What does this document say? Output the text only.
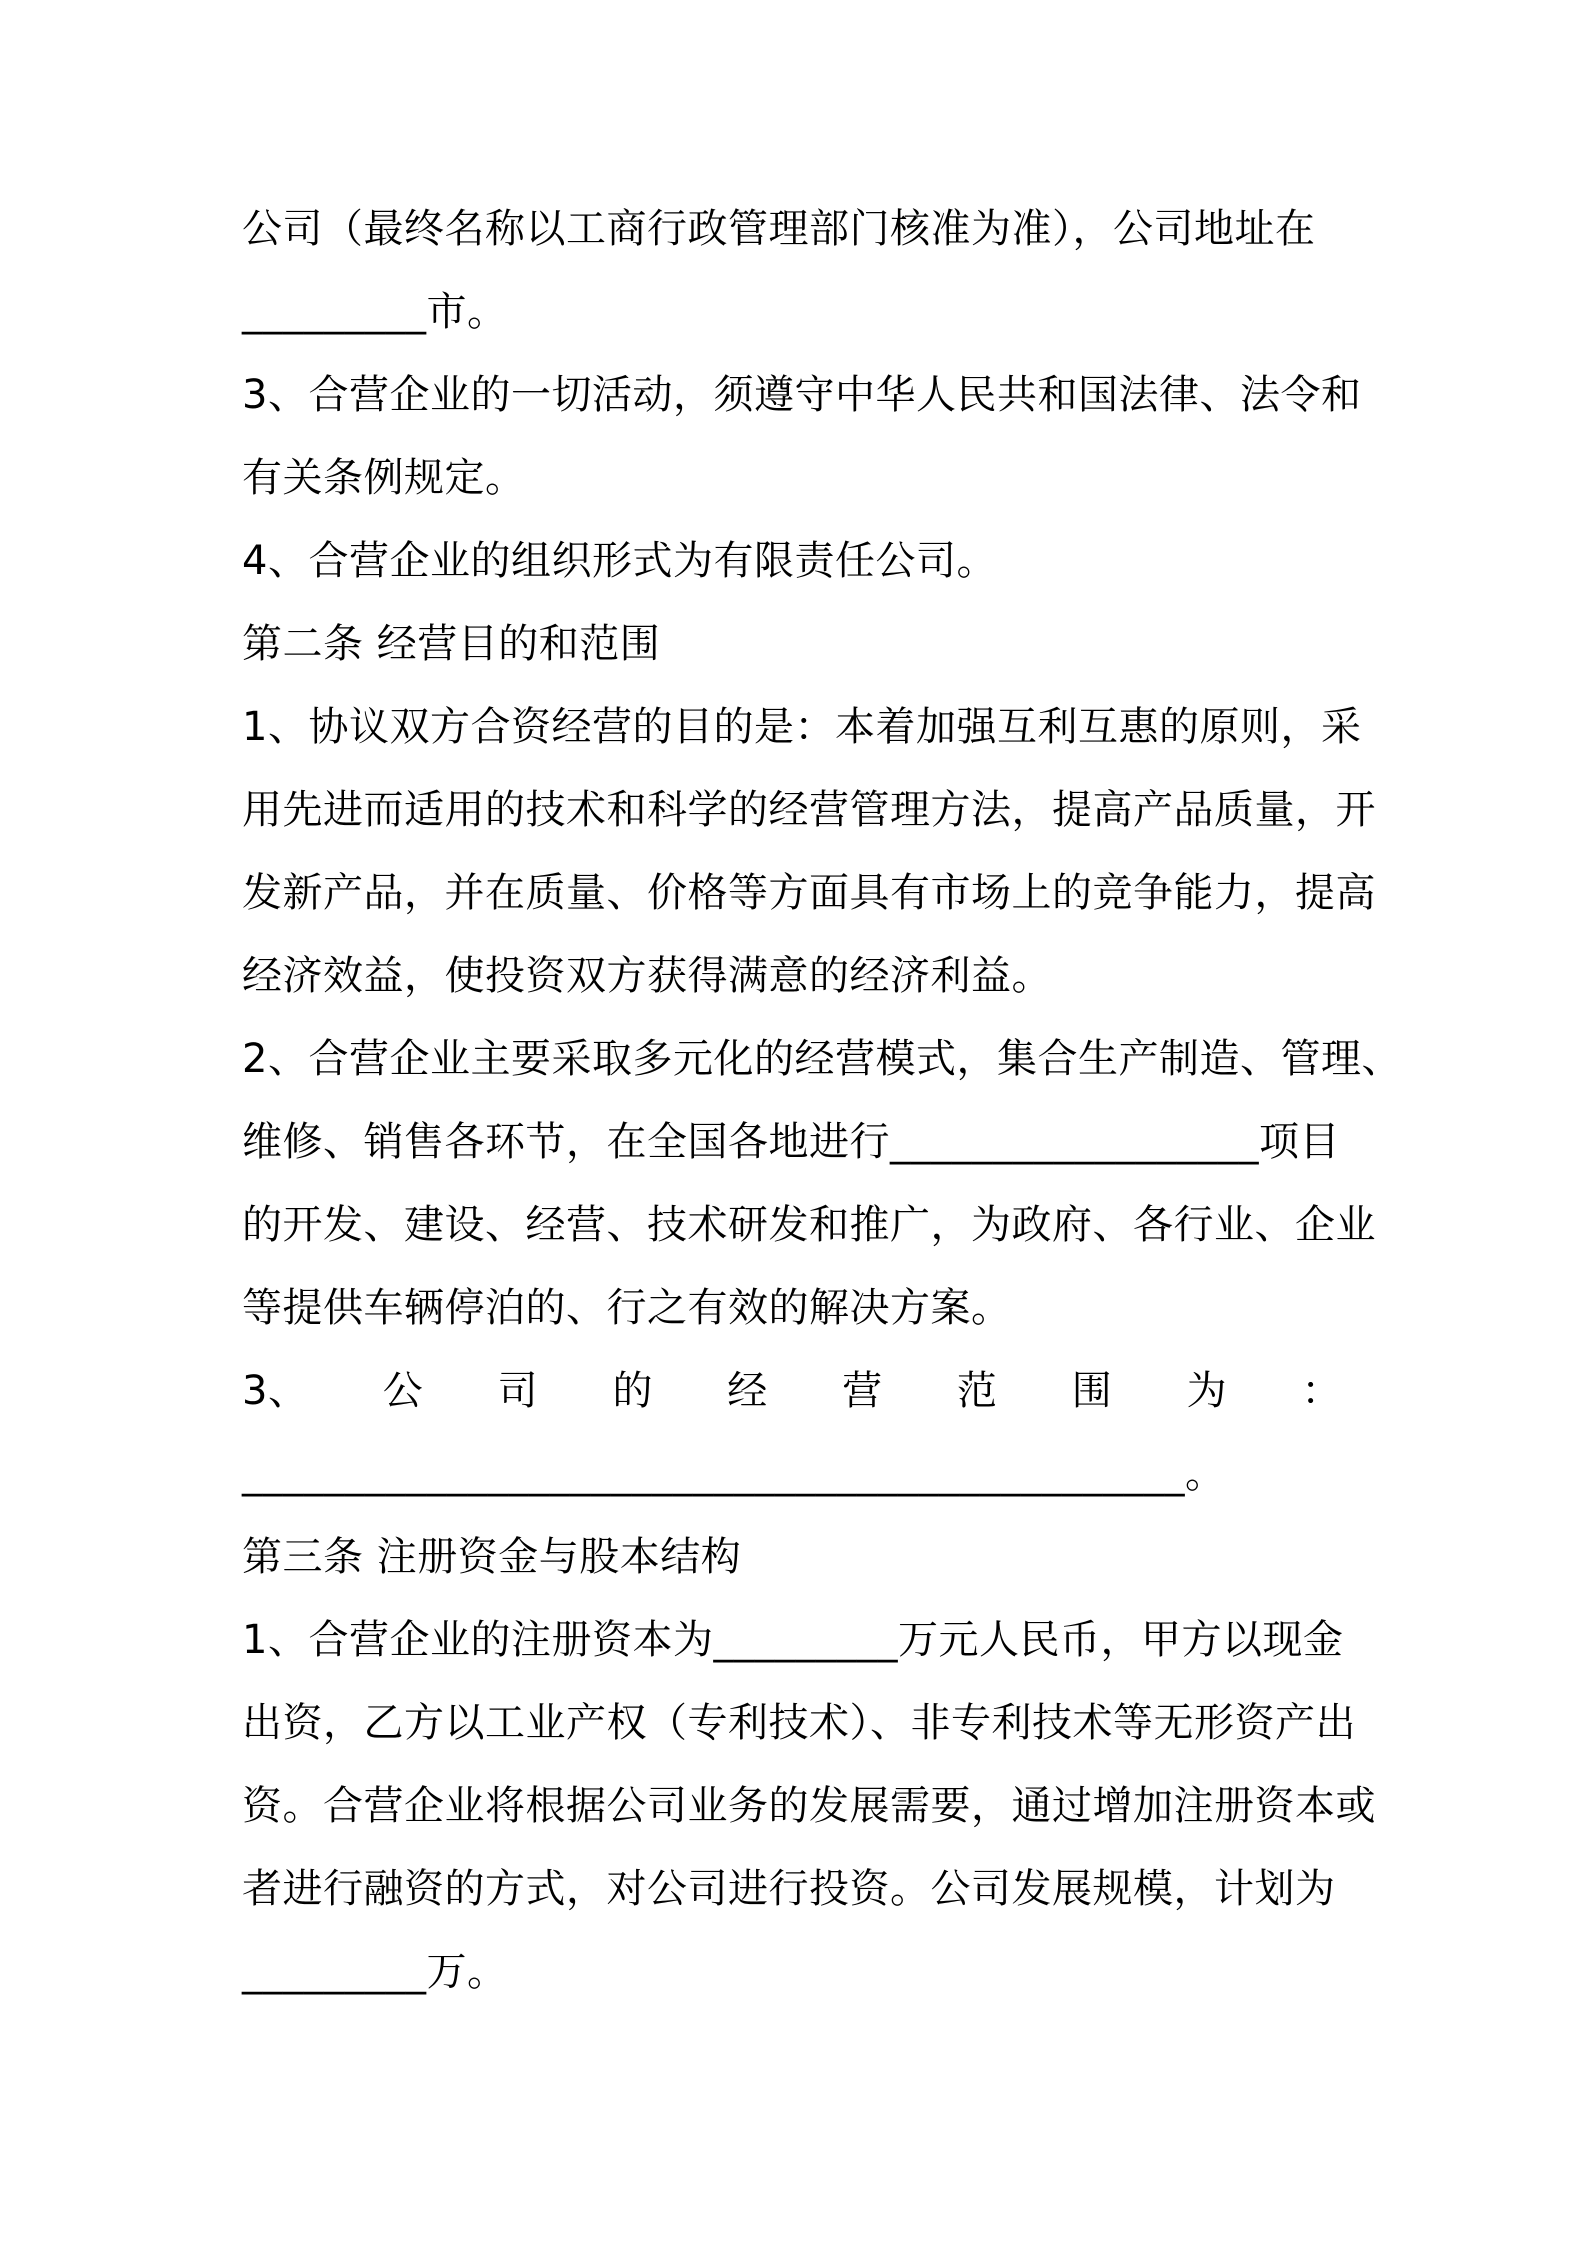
公司（最终名称以工商行政管理部门核准为准），公司地址在
_________市。
3、合营企业的一切活动，须遵守中华人民共和国法律、法令和
有关条例规定。
4、合营企业的组织形式为有限责任公司。
第二条 经营目的和范围
1、协议双方合资经营的目的是：本着加强互利互惠的原则，采
用先进而适用的技术和科学的经营管理方法，提高产品质量，开
发新产品，并在质量、价格等方面具有市场上的竞争能力，提高
经济效益，使投资双方获得满意的经济利益。
2、合营企业主要采取多元化的经营模式，集合生产制造、管理、
维修、销售各环节，在全国各地进行__________________项目
的开发、建设、经营、技术研发和推广，为政府、各行业、企业
等提供车辆停泊的、行之有效的解决方案。
3、 公 司 的 经 营 范 围 为 ：
______________________________________________。
第三条 注册资金与股本结构
1、合营企业的注册资本为_________万元人民币，甲方以现金
出资，乙方以工业产权（专利技术）、非专利技术等无形资产出
资。合营企业将根据公司业务的发展需要，通过增加注册资本或
者进行融资的方式，对公司进行投资。公司发展规模，计划为
_________万。
